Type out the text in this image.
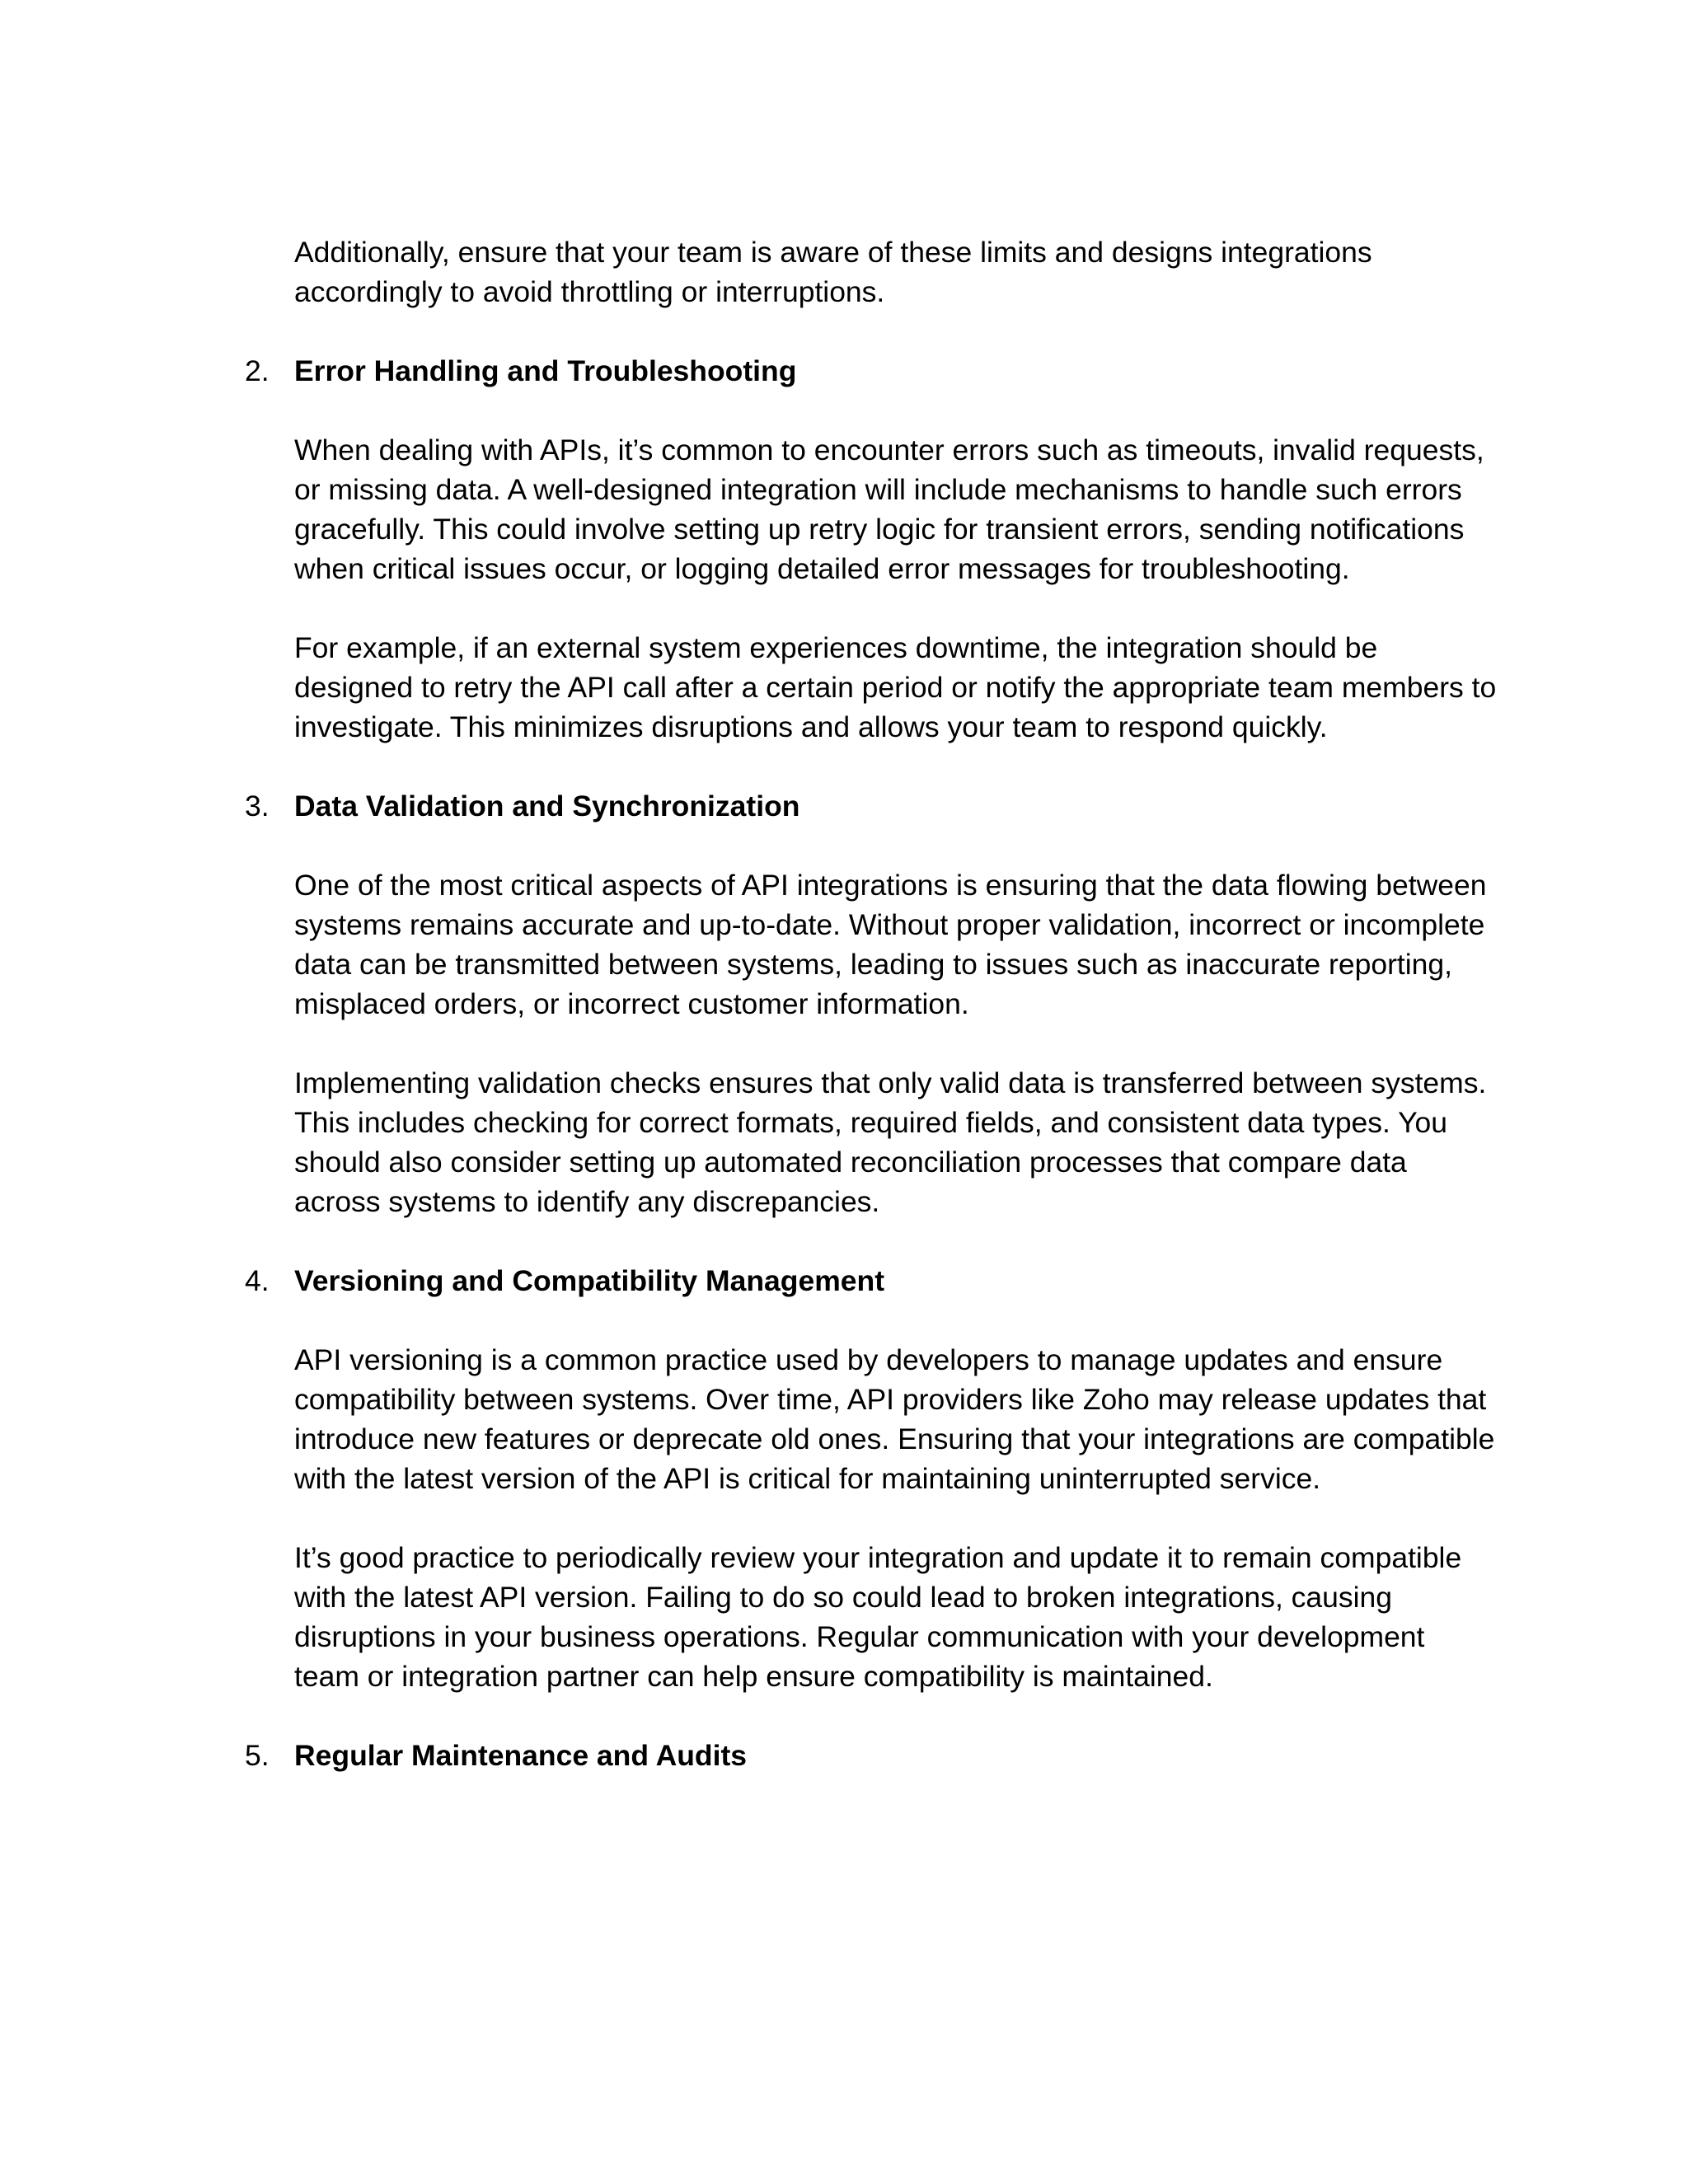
Additionally, ensure that your team is aware of these limits and designs integrations accordingly to avoid throttling or interruptions.

2. Error Handling and Troubleshooting

When dealing with APIs, it’s common to encounter errors such as timeouts, invalid requests, or missing data. A well-designed integration will include mechanisms to handle such errors gracefully. This could involve setting up retry logic for transient errors, sending notifications when critical issues occur, or logging detailed error messages for troubleshooting.

For example, if an external system experiences downtime, the integration should be designed to retry the API call after a certain period or notify the appropriate team members to investigate. This minimizes disruptions and allows your team to respond quickly.

3. Data Validation and Synchronization

One of the most critical aspects of API integrations is ensuring that the data flowing between systems remains accurate and up-to-date. Without proper validation, incorrect or incomplete data can be transmitted between systems, leading to issues such as inaccurate reporting, misplaced orders, or incorrect customer information.

Implementing validation checks ensures that only valid data is transferred between systems. This includes checking for correct formats, required fields, and consistent data types. You should also consider setting up automated reconciliation processes that compare data across systems to identify any discrepancies.

4. Versioning and Compatibility Management

API versioning is a common practice used by developers to manage updates and ensure compatibility between systems. Over time, API providers like Zoho may release updates that introduce new features or deprecate old ones. Ensuring that your integrations are compatible with the latest version of the API is critical for maintaining uninterrupted service.

It’s good practice to periodically review your integration and update it to remain compatible with the latest API version. Failing to do so could lead to broken integrations, causing disruptions in your business operations. Regular communication with your development team or integration partner can help ensure compatibility is maintained.

5. Regular Maintenance and Audits
